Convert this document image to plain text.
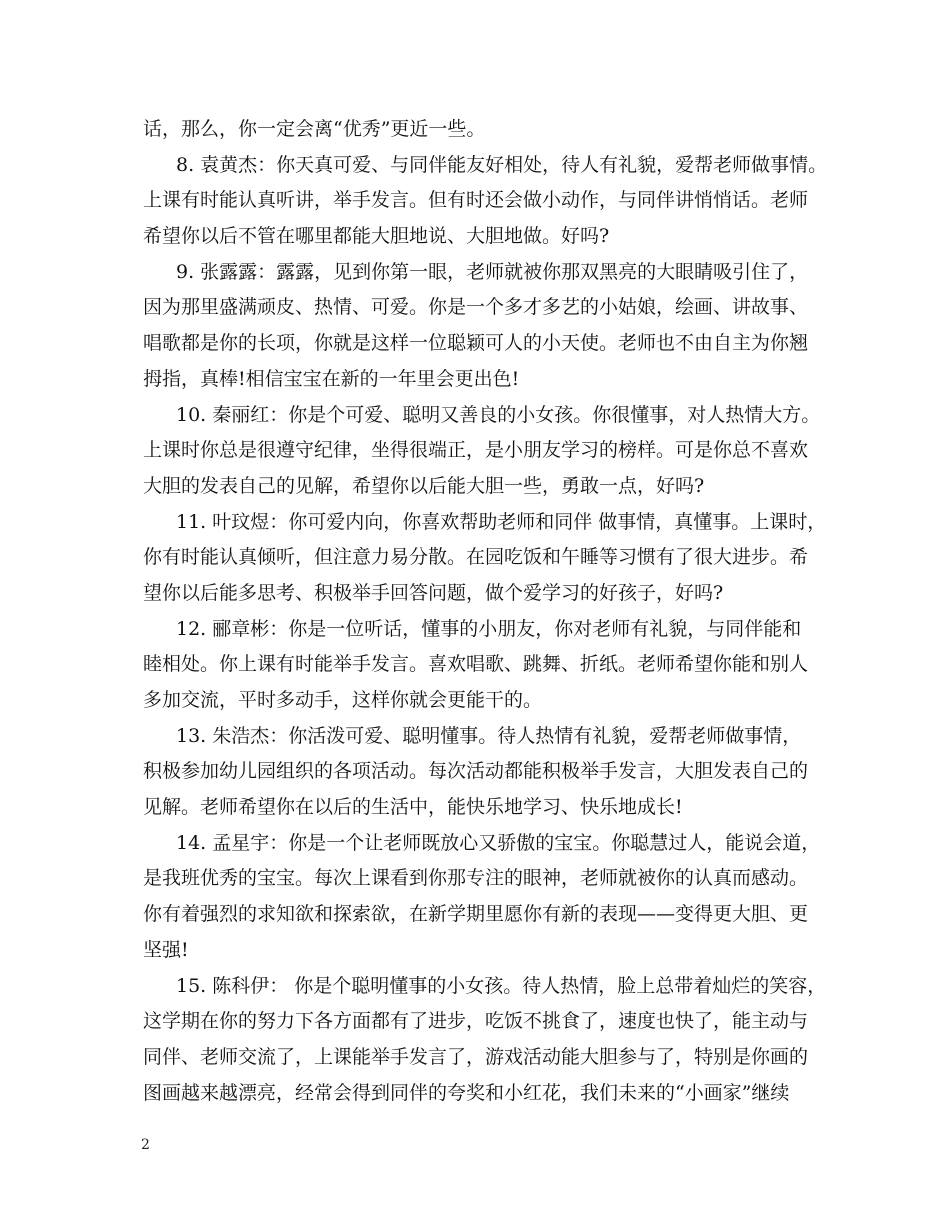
话，那么，你一定会离“优秀”更近一些。
8. 袁黄杰：你天真可爱、与同伴能友好相处，待人有礼貌，爱帮老师做事情。
上课有时能认真听讲，举手发言。但有时还会做小动作，与同伴讲悄悄话。老师
希望你以后不管在哪里都能大胆地说、大胆地做。好吗?
9. 张露露：露露，见到你第一眼，老师就被你那双黑亮的大眼睛吸引住了，
因为那里盛满顽皮、热情、可爱。你是一个多才多艺的小姑娘，绘画、讲故事、
唱歌都是你的长项，你就是这样一位聪颖可人的小天使。老师也不由自主为你翘
拇指，真棒!相信宝宝在新的一年里会更出色!
10. 秦丽红：你是个可爱、聪明又善良的小女孩。你很懂事，对人热情大方。
上课时你总是很遵守纪律，坐得很端正，是小朋友学习的榜样。可是你总不喜欢
大胆的发表自己的见解，希望你以后能大胆一些，勇敢一点，好吗?
11. 叶玟煜：你可爱内向，你喜欢帮助老师和同伴 做事情，真懂事。上课时，
你有时能认真倾听，但注意力易分散。在园吃饭和午睡等习惯有了很大进步。希
望你以后能多思考、积极举手回答问题，做个爱学习的好孩子，好吗?
12. 郦章彬：你是一位听话，懂事的小朋友，你对老师有礼貌，与同伴能和
睦相处。你上课有时能举手发言。喜欢唱歌、跳舞、折纸。老师希望你能和别人
多加交流，平时多动手，这样你就会更能干的。
13. 朱浩杰：你活泼可爱、聪明懂事。待人热情有礼貌，爱帮老师做事情，
积极参加幼儿园组织的各项活动。每次活动都能积极举手发言，大胆发表自己的
见解。老师希望你在以后的生活中，能快乐地学习、快乐地成长!
14. 孟星宇：你是一个让老师既放心又骄傲的宝宝。你聪慧过人，能说会道，
是我班优秀的宝宝。每次上课看到你那专注的眼神，老师就被你的认真而感动。
你有着强烈的求知欲和探索欲，在新学期里愿你有新的表现——变得更大胆、更
坚强!
15. 陈科伊： 你是个聪明懂事的小女孩。待人热情，脸上总带着灿烂的笑容，
这学期在你的努力下各方面都有了进步，吃饭不挑食了，速度也快了，能主动与
同伴、老师交流了，上课能举手发言了，游戏活动能大胆参与了，特别是你画的
图画越来越漂亮，经常会得到同伴的夸奖和小红花，我们未来的“小画家”继续
2
